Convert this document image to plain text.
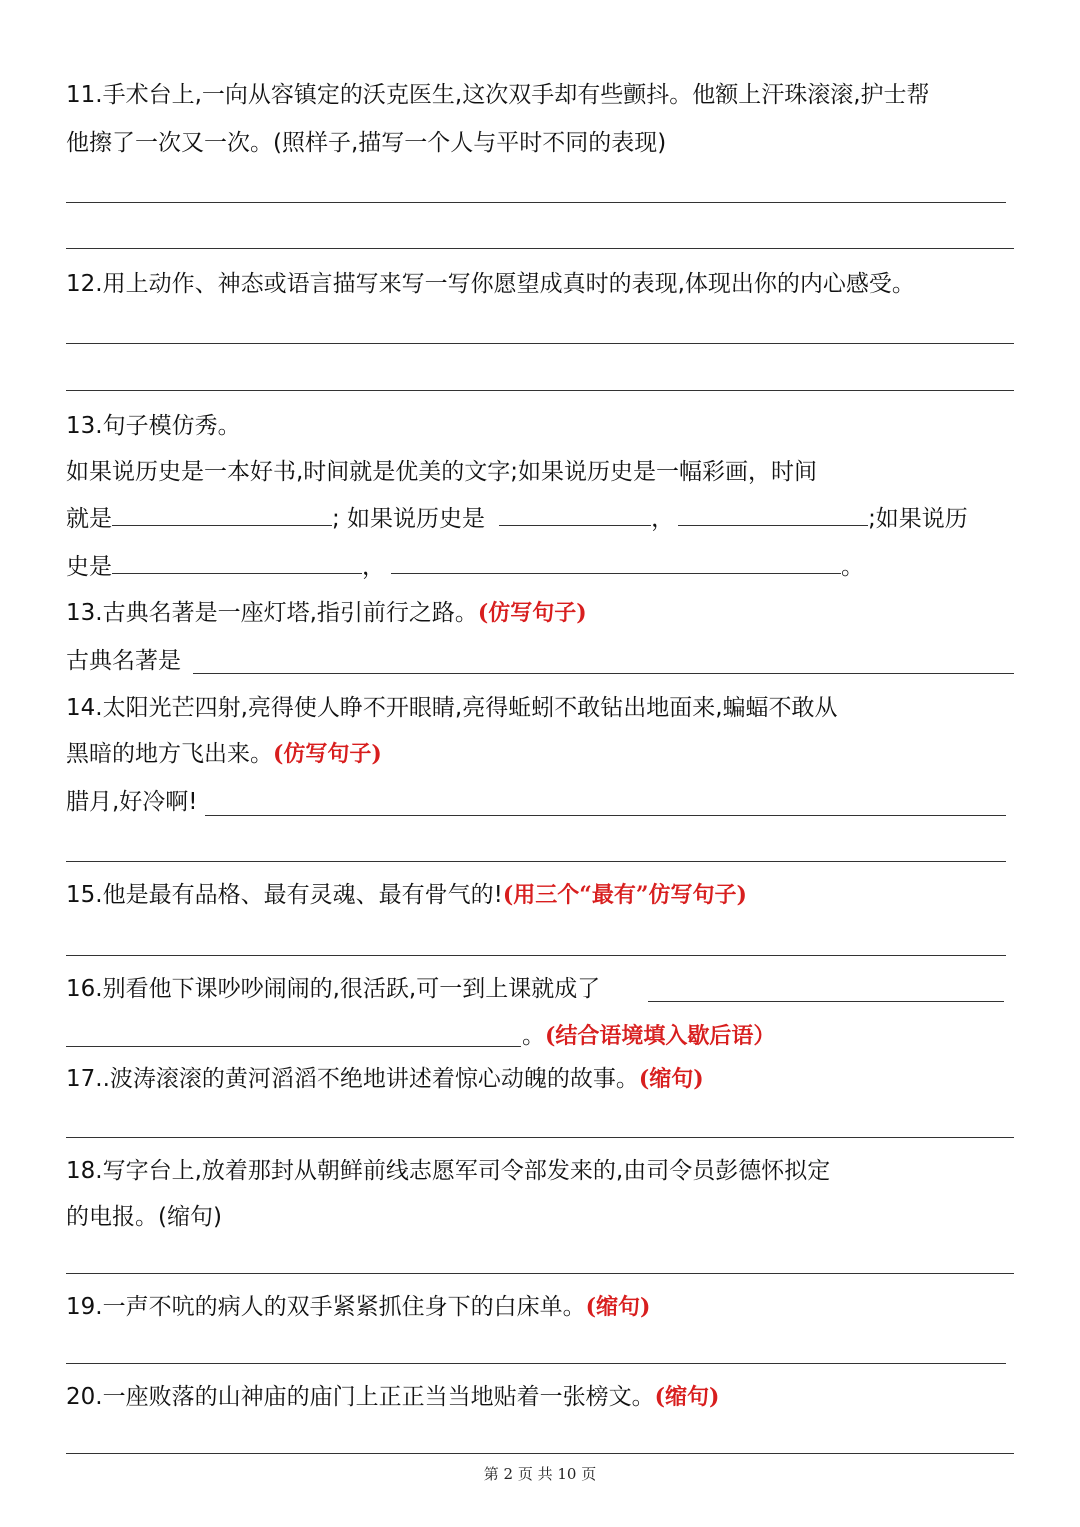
11.手术台上,一向从容镇定的沃克医生,这次双手却有些颤抖。他额上汗珠滚滚,护士帮
他擦了一次又一次。(照样子,描写一个人与平时不同的表现)
12.用上动作、神态或语言描写来写一写你愿望成真时的表现,体现出你的内心感受。
13.句子模仿秀。
如果说历史是一本好书,时间就是优美的文字;如果说历史是一幅彩画，时间
就是	; 如果说历史是	，	;如果说历
史是	，	。
13.古典名著是一座灯塔,指引前行之路。(仿写句子)
古典名著是
14.太阳光芒四射,亮得使人睁不开眼睛,亮得蚯蚓不敢钻出地面来,蝙蝠不敢从
黑暗的地方飞出来。(仿写句子)
腊月,好冷啊!
15.他是最有品格、最有灵魂、最有骨气的!(用三个“最有”仿写句子)
16.别看他下课吵吵闹闹的,很活跃,可一到上课就成了
。(结合语境填入歇后语）
17..波涛滚滚的黄河滔滔不绝地讲述着惊心动魄的故事。(缩句)
18.写字台上,放着那封从朝鲜前线志愿军司令部发来的,由司令员彭德怀拟定
的电报。(缩句)
19.一声不吭的病人的双手紧紧抓住身下的白床单。(缩句)
20.一座败落的山神庙的庙门上正正当当地贴着一张榜文。(缩句)
第 2 页 共 10 页
